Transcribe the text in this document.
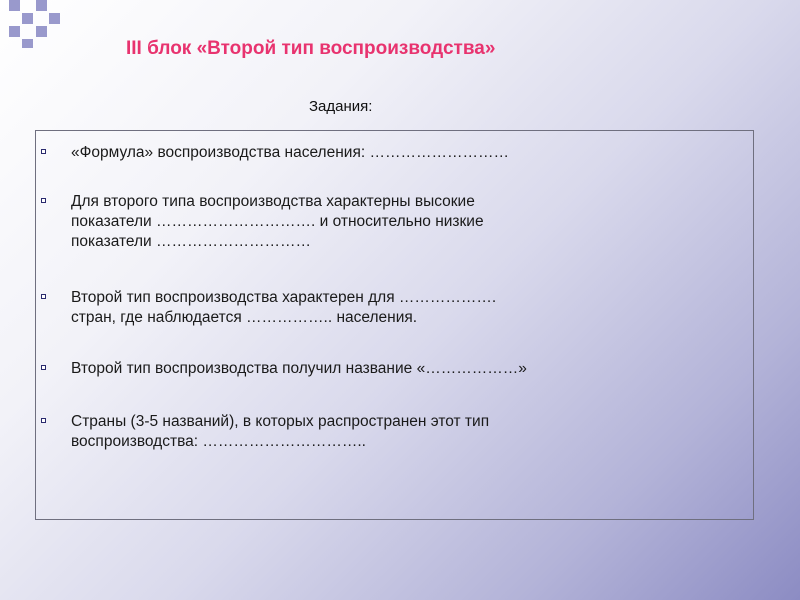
III блок «Второй тип воспроизводства»
Задания:
«Формула» воспроизводства населения: ………………………
Для второго типа воспроизводства характерны высокие
показатели …………………………. и относительно низкие
показатели …………………………
Второй тип воспроизводства характерен для ……………….
стран, где наблюдается …………….. населения.
Второй тип воспроизводства получил название «………………»
Страны (3-5 названий), в которых распространен этот тип
воспроизводства: …………………………..
